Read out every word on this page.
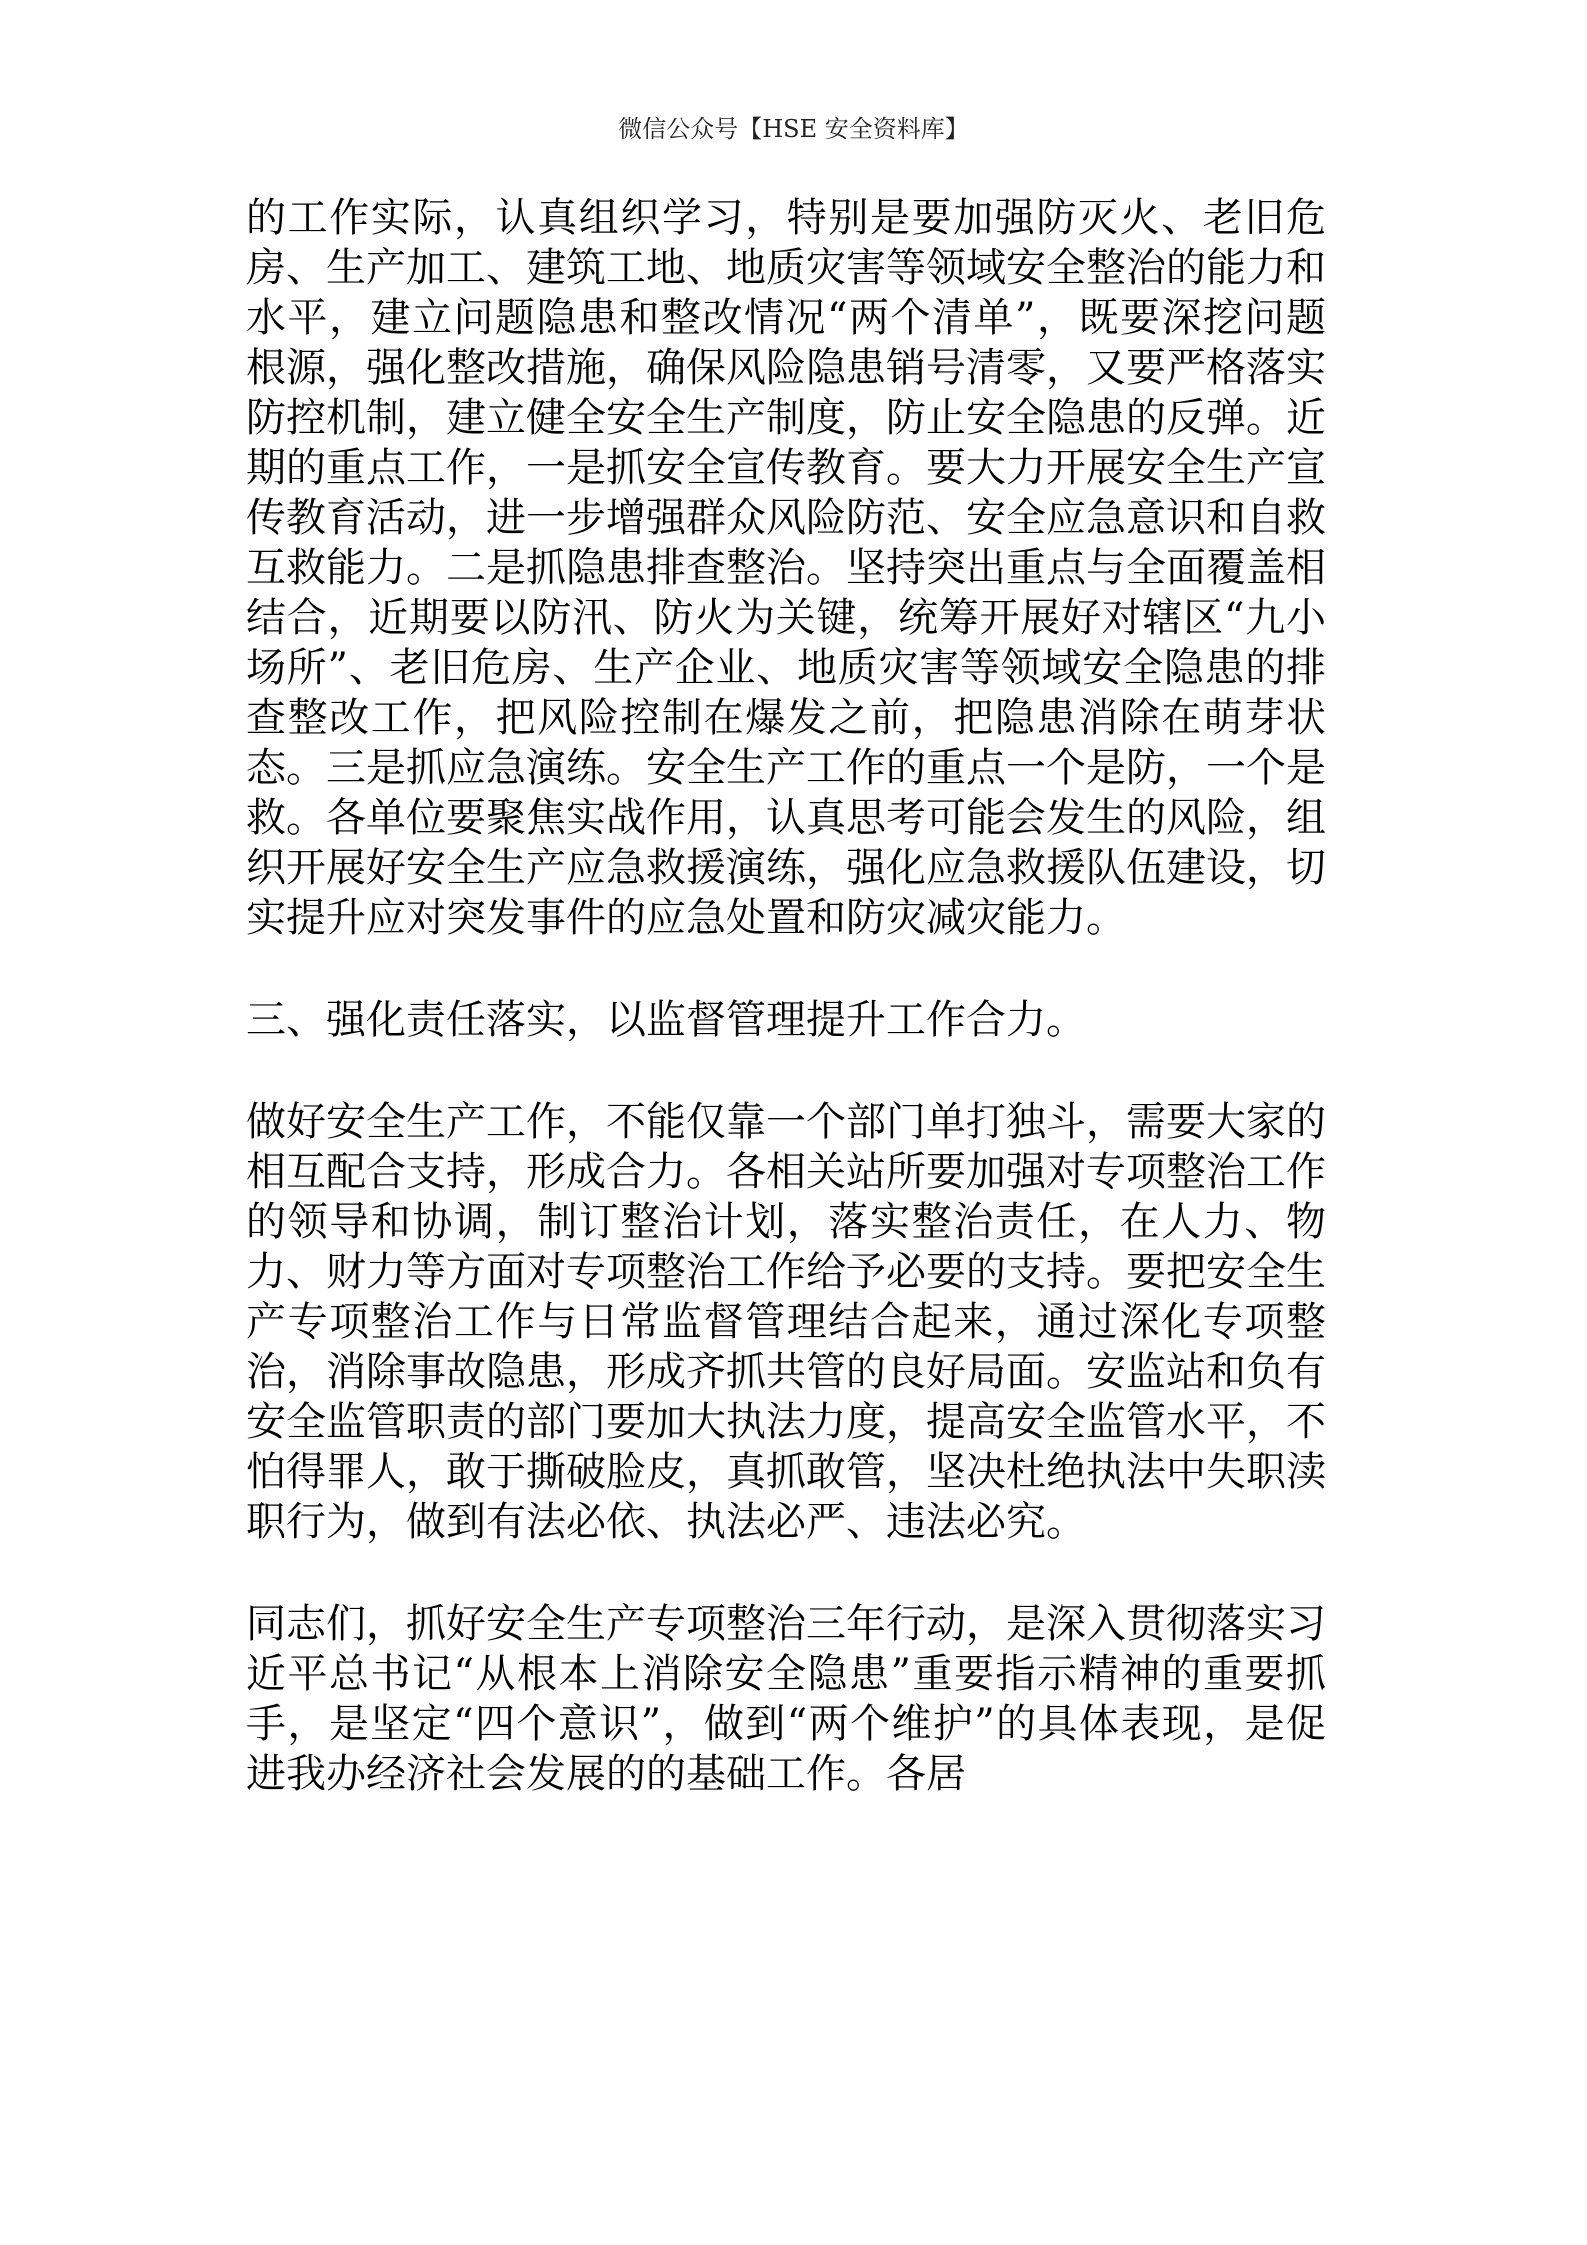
微信公众号【HSE 安全资料库】

的工作实际，认真组织学习，特别是要加强防灭火、老旧危房、生产加工、建筑工地、地质灾害等领域安全整治的能力和水平，建立问题隐患和整改情况“两个清单”，既要深挖问题根源，强化整改措施，确保风险隐患销号清零，又要严格落实防控机制，建立健全安全生产制度，防止安全隐患的反弹。近期的重点工作，一是抓安全宣传教育。要大力开展安全生产宣传教育活动，进一步增强群众风险防范、安全应急意识和自救互救能力。二是抓隐患排查整治。坚持突出重点与全面覆盖相结合，近期要以防汛、防火为关键，统筹开展好对辖区“九小场所”、老旧危房、生产企业、地质灾害等领域安全隐患的排查整改工作，把风险控制在爆发之前，把隐患消除在萌芽状态。三是抓应急演练。安全生产工作的重点一个是防，一个是救。各单位要聚焦实战作用，认真思考可能会发生的风险，组织开展好安全生产应急救援演练，强化应急救援队伍建设，切实提升应对突发事件的应急处置和防灾减灾能力。

三、强化责任落实，以监督管理提升工作合力。

做好安全生产工作，不能仅靠一个部门单打独斗，需要大家的相互配合支持，形成合力。各相关站所要加强对专项整治工作的领导和协调，制订整治计划，落实整治责任，在人力、物力、财力等方面对专项整治工作给予必要的支持。要把安全生产专项整治工作与日常监督管理结合起来，通过深化专项整治，消除事故隐患，形成齐抓共管的良好局面。安监站和负有安全监管职责的部门要加大执法力度，提高安全监管水平，不怕得罪人，敢于撕破脸皮，真抓敢管，坚决杜绝执法中失职渎职行为，做到有法必依、执法必严、违法必究。

同志们，抓好安全生产专项整治三年行动，是深入贯彻落实习近平总书记“从根本上消除安全隐患”重要指示精神的重要抓手，是坚定“四个意识”，做到“两个维护”的具体表现，是促进我办经济社会发展的的基础工作。各居
